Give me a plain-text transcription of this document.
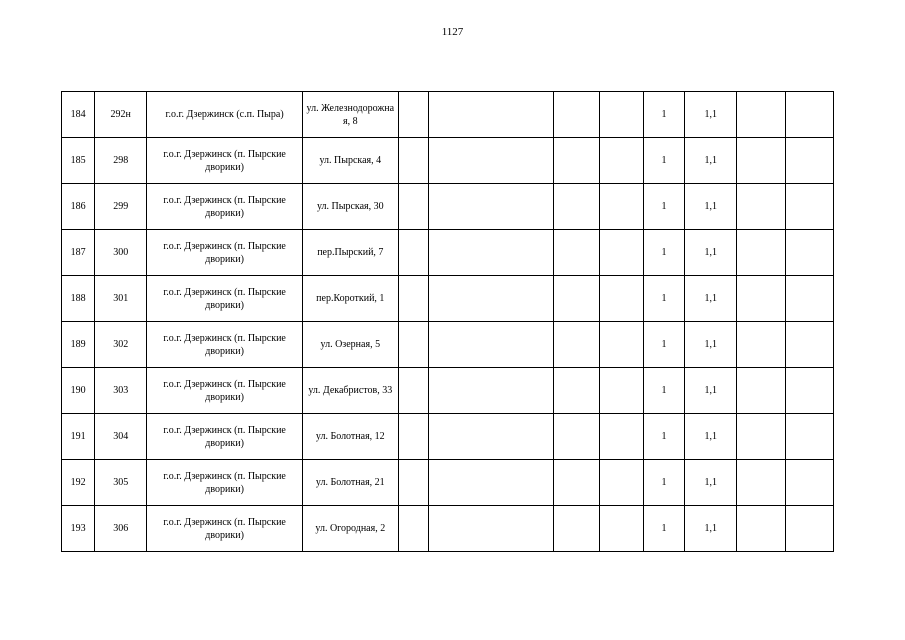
1127
184	292н	г.о.г. Дзержинск (с.п. Пыра)	ул. Железнодорожна я, 8					1	1,1		
185	298	г.о.г. Дзержинск (п. Пырские дворики)	ул. Пырская, 4					1	1,1		
186	299	г.о.г. Дзержинск (п. Пырские дворики)	ул. Пырская, 30					1	1,1		
187	300	г.о.г. Дзержинск (п. Пырские дворики)	пер.Пырский, 7					1	1,1		
188	301	г.о.г. Дзержинск (п. Пырские дворики)	пер.Короткий, 1					1	1,1		
189	302	г.о.г. Дзержинск (п. Пырские дворики)	ул. Озерная, 5					1	1,1		
190	303	г.о.г. Дзержинск (п. Пырские дворики)	ул. Декабристов, 33					1	1,1		
191	304	г.о.г. Дзержинск (п. Пырские дворики)	ул. Болотная, 12					1	1,1		
192	305	г.о.г. Дзержинск (п. Пырские дворики)	ул. Болотная, 21					1	1,1		
193	306	г.о.г. Дзержинск (п. Пырские дворики)	ул. Огородная, 2					1	1,1		
